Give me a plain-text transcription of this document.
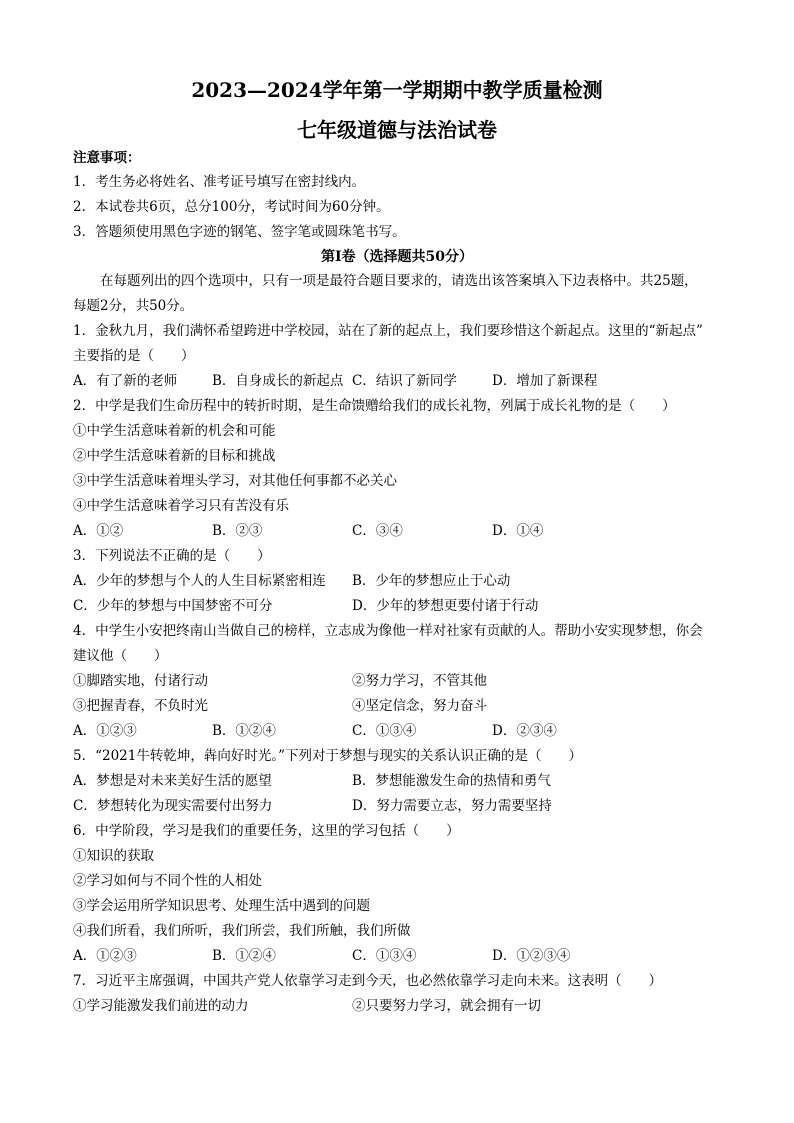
2023—2024学年第一学期期中教学质量检测
七年级道德与法治试卷
注意事项：
1．考生务必将姓名、准考证号填写在密封线内。
2．本试卷共6页，总分100分，考试时间为60分钟。
3．答题须使用黑色字迹的钢笔、签字笔或圆珠笔书写。
第Ⅰ卷（选择题共50分）
在每题列出的四个选项中，只有一项是最符合题目要求的，请选出该答案填入下边表格中。共25题，
每题2分，共50分。
1．金秋九月，我们满怀希望跨进中学校园，站在了新的起点上，我们要珍惜这个新起点。这里的“新起点”
主要指的是（　　）
A．有了新的老师	B．自身成长的新起点 C．结识了新同学	D．增加了新课程
2．中学是我们生命历程中的转折时期，是生命馈赠给我们的成长礼物，列属于成长礼物的是（　　）
①中学生活意味着新的机会和可能
②中学生活意味着新的目标和挑战
③中学生活意味着埋头学习，对其他任何事都不必关心
④中学生活意味着学习只有苦没有乐
A．①②	B．②③	C．③④	D．①④
3．下列说法不正确的是（　　）
A．少年的梦想与个人的人生目标紧密相连 B．少年的梦想应止于心动
C．少年的梦想与中国梦密不可分	D．少年的梦想更要付诸于行动
4．中学生小安把终南山当做自己的榜样，立志成为像他一样对社家有贡献的人。帮助小安实现梦想，你会
建议他（　　）
①脚踏实地，付诸行动	②努力学习，不管其他
③把握青春，不负时光	④坚定信念，努力奋斗
A．①②③	B．①②④	C．①③④	D．②③④
5．“2021牛转乾坤，犇向好时光。”下列对于梦想与现实的关系认识正确的是（　　）
A．梦想是对未来美好生活的愿望	B．梦想能激发生命的热情和勇气
C．梦想转化为现实需要付出努力	D．努力需要立志，努力需要坚持
6．中学阶段，学习是我们的重要任务，这里的学习包括（　　）
①知识的获取
②学习如何与不同个性的人相处
③学会运用所学知识思考、处理生活中遇到的问题
④我们所看，我们所听，我们所尝，我们所触，我们所做
A．①②③	B．①②④	C．①③④	D．①②③④
7．习近平主席强调，中国共产党人依靠学习走到今天，也必然依靠学习走向未来。这表明（　　）
①学习能激发我们前进的动力	②只要努力学习，就会拥有一切
